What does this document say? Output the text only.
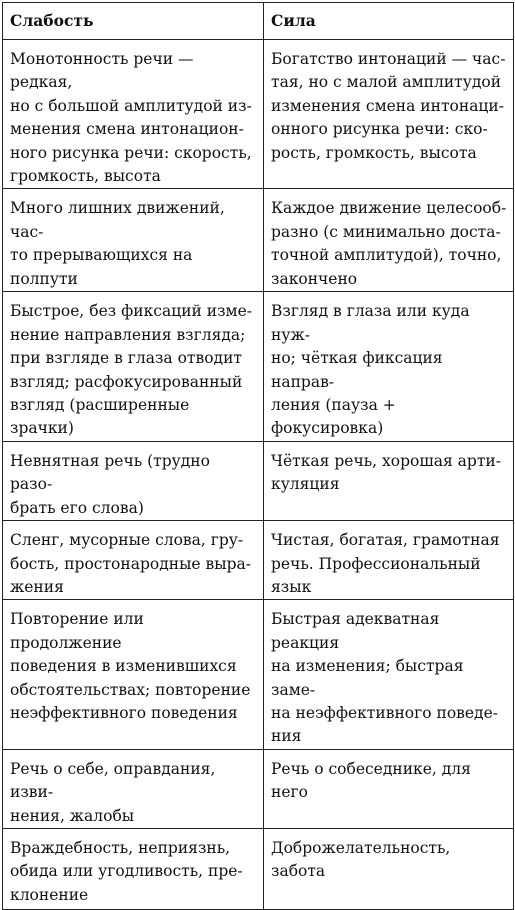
Слабость	Сила

Монотонность речи — редкая,
но с большой амплитудой из-
менения смена интонацион-
ного рисунка речи: скорость,
громкость, высота	Богатство интонаций — час-
тая, но с малой амплитудой
изменения смена интонаци-
онного рисунка речи: ско-
рость, громкость, высота

Много лишних движений, час-
то прерывающихся на полпути	Каждое движение целесооб-
разно (с минимально доста-
точной амплитудой), точно,
закончено

Быстрое, без фиксаций изме-
нение направления взгляда;
при взгляде в глаза отводит
взгляд; расфокусированный
взгляд (расширенные зрачки)	Взгляд в глаза или куда нуж-
но; чёткая фиксация направ-
ления (пауза + фокусировка)

Невнятная речь (трудно разо-
брать его слова)	Чёткая речь, хорошая арти-
куляция

Сленг, мусорные слова, гру-
бость, простонародные выра-
жения	Чистая, богатая, грамотная
речь. Профессиональный
язык

Повторение или продолжение
поведения в изменившихся
обстоятельствах; повторение
неэффективного поведения	Быстрая адекватная реакция
на изменения; быстрая заме-
на неэффективного поведе-
ния

Речь о себе, оправдания, изви-
нения, жалобы	Речь о собеседнике, для него

Враждебность, неприязнь,
обида или угодливость, пре-
клонение	Доброжелательность, забота
